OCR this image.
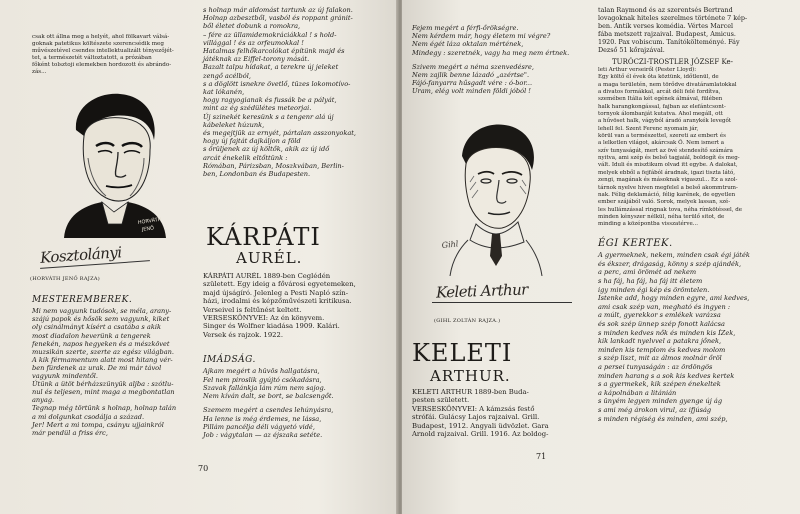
csak ott állna meg a helyét, ahol fölkavart válsá-

goknak patetikus költészete szerencsédik meg

művészetével csendes intellektualizált tényezőjét-

tet, a természetét változtatott, a prózában

főként tolsztoji elemekben hordozott és abrándo-

zás...

HORVÁTH
JENŐ
Kosztolányi
(HORVÁTH JENŐ RAJZA)
MESTEREMBEREK.

Mi nem vagyunk tudósok, se méla, arany-

szájú papok és hősök sem vagyunk, kiket

oly csinálmányt kísért a csatába s akik

most diadalon heverünk a tengerek

fenekén, napos hegyeken és a mészkövet

muzsikán szerte, szerte az egész világban.

A kik férmamentum alatt most hitang vér-

ben fürdenek az urak. De mi már távol

vagyunk mindentől.

Útünk a ütöt bérházszünyük aljba : szótlu-

nul és teljesen, mint maga a megbontatlan

anyag.

Tegnap még törtünk s holnap, holnap talán

a mi dolgunkat csodálja a század.

Jer! Mert a mi tompa, csányu ujjainkról

már pendül a friss érc,

s holnap már aldomást tartunk az új falakon.

Holnap azbesztből, vasból és roppant gránit-

ből életet dobunk a romokra,

– fére az üllamidemokráciákkal ! s hold-

villággal ! és az orfeumokkal !

Hatalmas felhőkarcolókat építünk majd és

játéknak az Eiffel-torony mását.

Bazalt talpu hídakat, a terekre új jeleket

zengő acélból,

s a döglött isnekre övetlő, tüzes lokomotívo-

kat lókanén,

hogy ragyogianak és fussák be a pályát,

mint az ég szédülétes meteorjai.

Új szinekét keresünk s a tengenr alá új

kábeleket húzunk,

és megejtjük az ernyét, pártalan asszonyokat,

hogy új fajtát dajkáljon a föld

s őrüljenek az új költők, akik az új idő

arcát énekelik eltőttünk :

Rómában, Párizsban, Moszkvában, Berlin-

ben, Londonban és Budapesten.

KÁRPÁTI
AURÉL.

KÁRPÁTI AURÉL 1889-ben Ceglédén

született. Egy ideig a fővárosi egyetemeken,

majd újságíró. Jelenleg a Pesti Napló szín-

házi, irodalmi és képzőművészeti kritikusa.

Verseivel is feltűnést keltett.

VERSESKÖNYVEI: Az én könyvem.

Singer és Wolfner kiadása 1909. Kalári.

Versek és rajzok. 1922.

IMÁDSÁG.

Ajkam megért a hüvös hallgatásra,

Fel nem piroslik gyújtó csókadásra,

Szavak fallánkja lám rúm nem sajog.

Nem kíván dalt, se bort, se balcsengőt.

Szemem megért a csendes lehúnyásra,

Ha lenne is még érdemes, ne lássa,

Pillám pancélja déli vágyetó vidé,

Job : vágytalan — az éjszaka setéte.

70

Fejem megért a férfi-őrökségre.

Nem kérdem már, hogy életem mi végre?

Nem égét láza oktalan mértének,

Mindegy : szeretnék, vagy ha meg nem értnek.

Szivem megért a néma szenvedésre,

Nem zajlik benne lázadó „azértse".

Fájó-fanyarra hűsgadt vére : ó-bor...

Uram, elég volt minden földi jóból !

Gihl
Keleti Arthur
(GIHL ZOLTÁN RAJZA.)
KELETI
ARTHUR.

KELETI ARTHUR 1889-ben Buda-

pesten született.

VERSESKÖNYVEI: A kámzsás festő

strófái. Gulácsy Lajos rajzaival. Grill.

Budapest, 1912. Angyali üdvözlet. Gara

Arnold rajzaival. Grill. 1916. Az boldog-

talan Raymond és az szerentsés Bertrand

lovagoknak hiteles szerelmes története 7 kép-

ben. Antik verses komédia. Vértes Marcel

fába metszett rajzaival. Budapest, Amicus.

1920. Pax vobiscum. Tanítókölteményé. Fáy

Dezső 51 kőrajzával.

TURÓCZI-TROSTLER JÓZSEF Ke-

leti Arthur verseiről (Pester Lloyd):

Egy költő él évek óta köztünk, időtlenül, de

a maga területén, nem törődve divatáramlatokkal

a divatos formákkal, arcát déli felé fordítva,

szemében Itália két egének álmával, fülében

halk harangkongással, fajban az elefántcsont-

tornyok álombanját kutatva. Ahol megáll, ott

a hűvöset halk, vágyból áradó aranykék levegőt

lehell fel. Szent Ferenc nyomain jár,

körül van a természettel, szereti az embert és

a lelketlen világot, akárcsak Ő. Nem ismert a

szív tunyaságát, mert az övé stendesítő számára

nyitva, ami szép és belső tagjaiál, boldogít és meg-

vált. Iduli és misztikum olvad itt egybe. A dalokat,

melyek ebből a fejfából áradnak, igazi tiszta látó,

zengi, magának és másoknak vigaszul... Ez a szol-

tárnok nyelve hiven megfelel a belső akommtrum-

nak. Félig deklamáció, félig karének, de egyetlen

ember szájából való. Sorok, melyek lassan, szé-

les hullámzással ringnak tova, néha rímkötéssel, de

minden kényszer nélkül, néha terülő sitot, de

minding a középontba visszatérve...

ÉGI KERTEK.

A gyermeknek, nekem, minden csak égi játék

és ékszer, drágaság, könny s szép ajándék,

a perc, ami örömét ad nekem

s ha fáj, ha fáj, ha fáj itt életem

igy minden égi kép és örömtelen.

Istenke add, hogy minden egyre, ami kedves,

ami csak szép van, megható és ingyen :

a múlt, gyerekkor s emlékek varázsa

és sok szép ünnep szép fonott kalácsa

s minden kedves nők és minden kis ÍZek,

kik lankadt nyelvvel a patakra jőnek,

minden kis templom és kedves molom

s szép liszt, mit az álmos molnár őröl

a persei tunyaságán : az ördöngös

minden harang s a sok kis kedves kertek

s a gyermekek, kik szépen énekeltek

a kápolnában a litánián

s ünyém legyen minden gyenge új ág

s ami még árokon virul, az ifjúság

s minden régiség és minden, ami szép,

71
